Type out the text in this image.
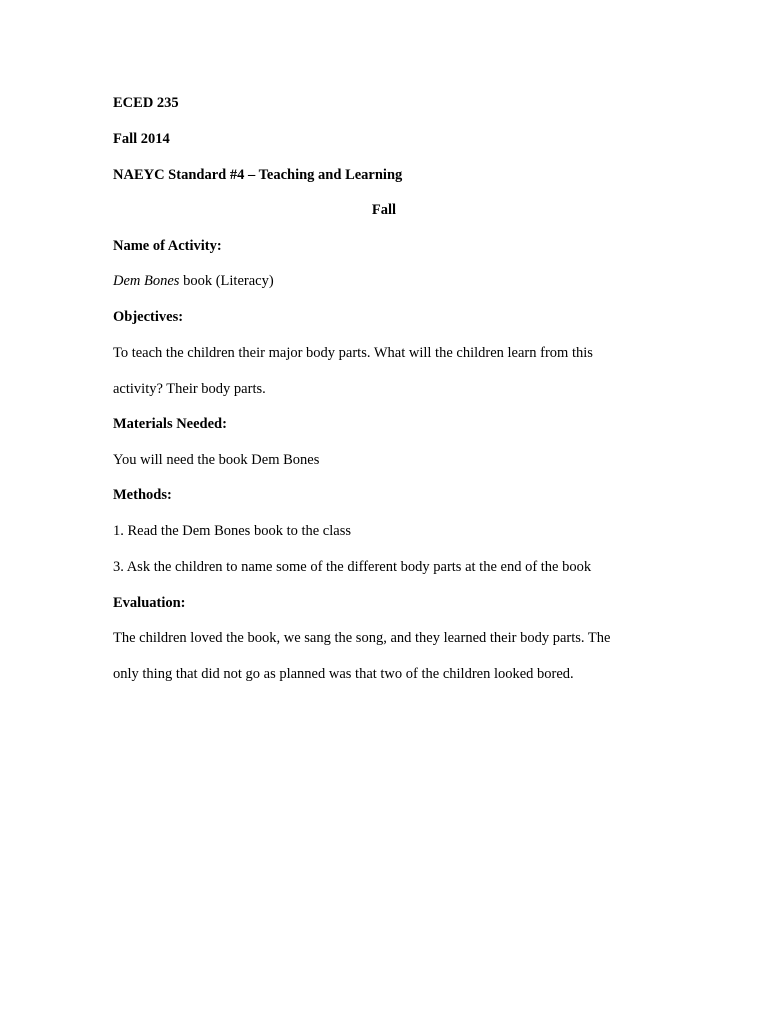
ECED 235
Fall 2014
NAEYC Standard #4 – Teaching and Learning
Fall
Name of Activity:
Dem Bones book (Literacy)
Objectives:
To teach the children their major body parts. What will the children learn from this
activity? Their body parts.
Materials Needed:
You will need the book Dem Bones
Methods:
1. Read the Dem Bones book to the class
3. Ask the children to name some of the different body parts at the end of the book
Evaluation:
The children loved the book, we sang the song, and they learned their body parts. The
only thing that did not go as planned was that two of the children looked bored.
